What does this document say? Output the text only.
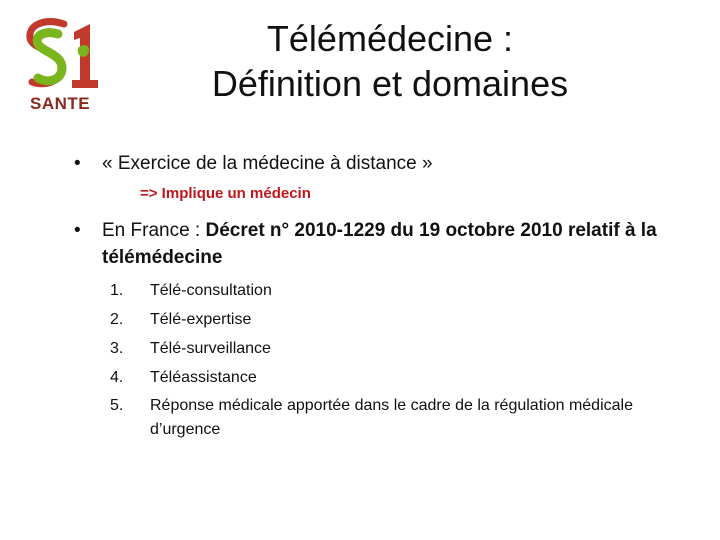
SANTE
Télémédecine :
Définition et domaines
•	« Exercice de la médecine à distance »
=> Implique un médecin
•	En France : Décret n° 2010-1229 du 19 octobre 2010 relatif à la télémédecine
1.	Télé-consultation
2.	Télé-expertise
3.	Télé-surveillance
4.	Téléassistance
5.	Réponse médicale apportée dans le cadre de la régulation médicale d’urgence
